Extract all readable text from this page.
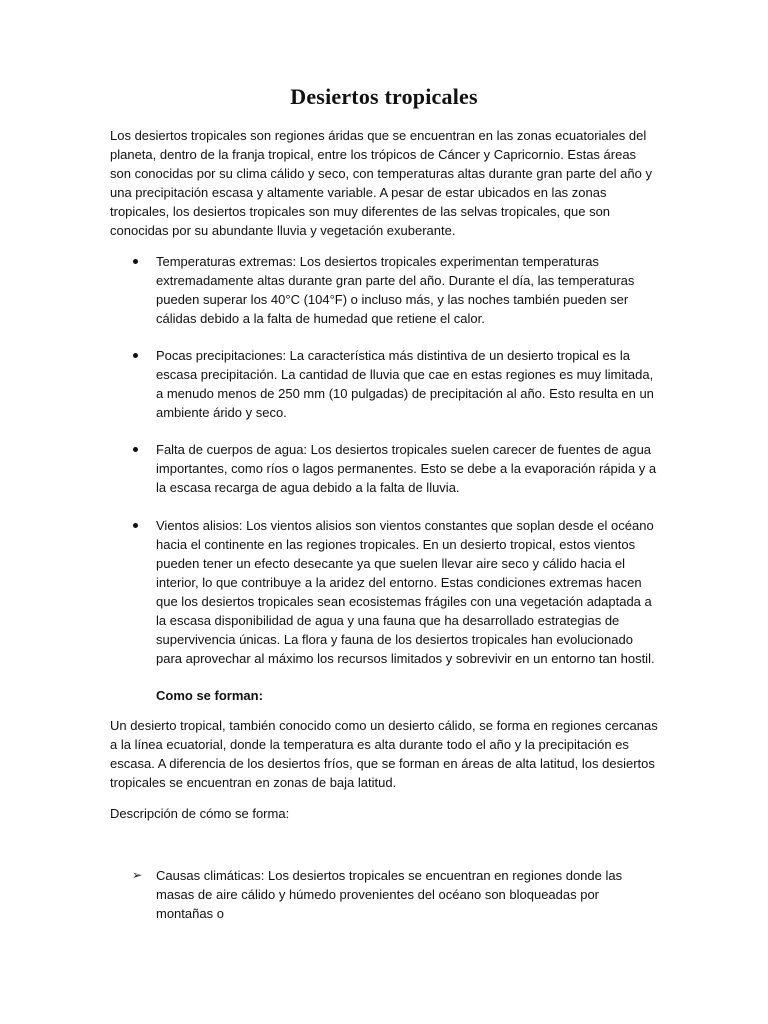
Desiertos tropicales

Los desiertos tropicales son regiones áridas que se encuentran en las zonas ecuatoriales del planeta, dentro de la franja tropical, entre los trópicos de Cáncer y Capricornio. Estas áreas son conocidas por su clima cálido y seco, con temperaturas altas durante gran parte del año y una precipitación escasa y altamente variable. A pesar de estar ubicados en las zonas tropicales, los desiertos tropicales son muy diferentes de las selvas tropicales, que son conocidas por su abundante lluvia y vegetación exuberante.

Temperaturas extremas: Los desiertos tropicales experimentan temperaturas extremadamente altas durante gran parte del año. Durante el día, las temperaturas pueden superar los 40°C (104°F) o incluso más, y las noches también pueden ser cálidas debido a la falta de humedad que retiene el calor.
Pocas precipitaciones: La característica más distintiva de un desierto tropical es la escasa precipitación. La cantidad de lluvia que cae en estas regiones es muy limitada, a menudo menos de 250 mm (10 pulgadas) de precipitación al año. Esto resulta en un ambiente árido y seco.
Falta de cuerpos de agua: Los desiertos tropicales suelen carecer de fuentes de agua importantes, como ríos o lagos permanentes. Esto se debe a la evaporación rápida y a la escasa recarga de agua debido a la falta de lluvia.
Vientos alisios: Los vientos alisios son vientos constantes que soplan desde el océano hacia el continente en las regiones tropicales. En un desierto tropical, estos vientos pueden tener un efecto desecante ya que suelen llevar aire seco y cálido hacia el interior, lo que contribuye a la aridez del entorno. Estas condiciones extremas hacen que los desiertos tropicales sean ecosistemas frágiles con una vegetación adaptada a la escasa disponibilidad de agua y una fauna que ha desarrollado estrategias de supervivencia únicas. La flora y fauna de los desiertos tropicales han evolucionado para aprovechar al máximo los recursos limitados y sobrevivir en un entorno tan hostil.

Como se forman:

Un desierto tropical, también conocido como un desierto cálido, se forma en regiones cercanas a la línea ecuatorial, donde la temperatura es alta durante todo el año y la precipitación es escasa. A diferencia de los desiertos fríos, que se forman en áreas de alta latitud, los desiertos tropicales se encuentran en zonas de baja latitud.

Descripción de cómo se forma:

➢ Causas climáticas: Los desiertos tropicales se encuentran en regiones donde las masas de aire cálido y húmedo provenientes del océano son bloqueadas por montañas o
